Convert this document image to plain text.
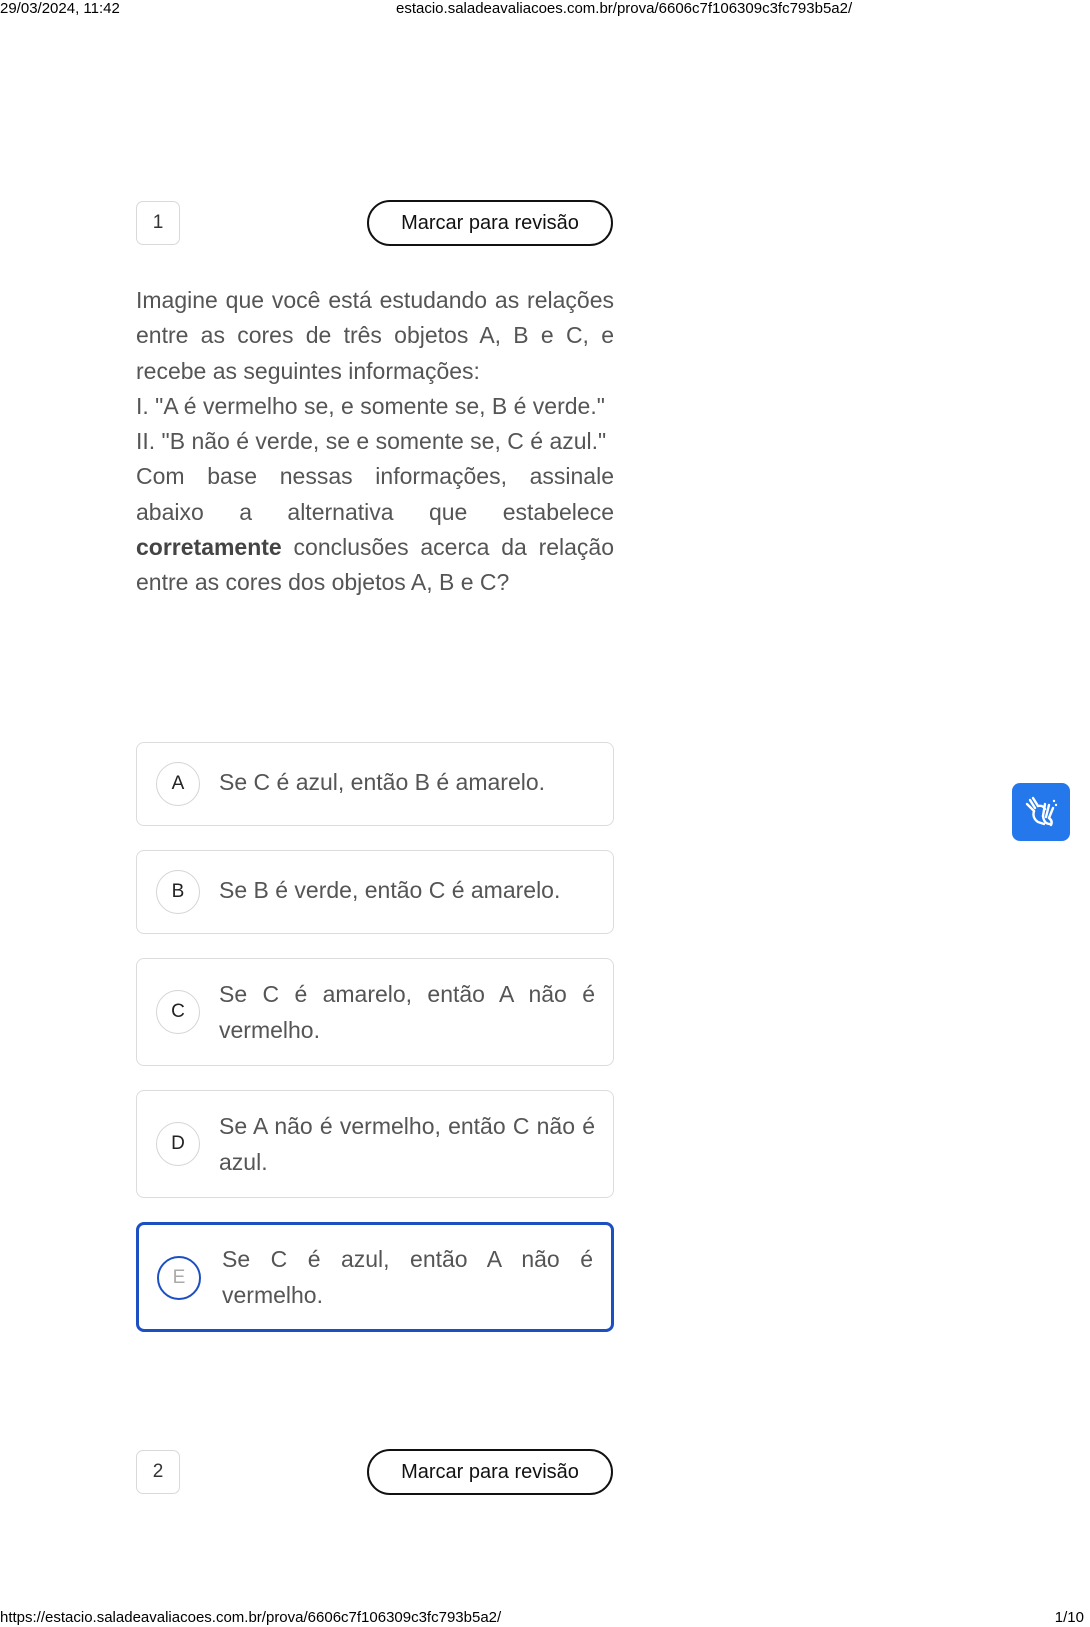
29/03/2024, 11:42	estacio.saladeavaliacoes.com.br/prova/6606c7f106309c3fc793b5a2/
1	Marcar para revisão

Imagine que você está estudando as relações entre as cores de três objetos A, B e C, e recebe as seguintes informações:

I. "A é vermelho se, e somente se, B é verde."

II. "B não é verde, se e somente se, C é azul."

Com base nessas informações, assinale abaixo a alternativa que estabelece corretamente conclusões acerca da relação entre as cores dos objetos A, B e C?

A	Se C é azul, então B é amarelo.
B	Se B é verde, então C é amarelo.
C
Se C é amarelo, então A não é vermelho.
D
Se A não é vermelho, então C não é azul.
E
Se C é azul, então A não é vermelho.
2	Marcar para revisão
https://estacio.saladeavaliacoes.com.br/prova/6606c7f106309c3fc793b5a2/	1/10
